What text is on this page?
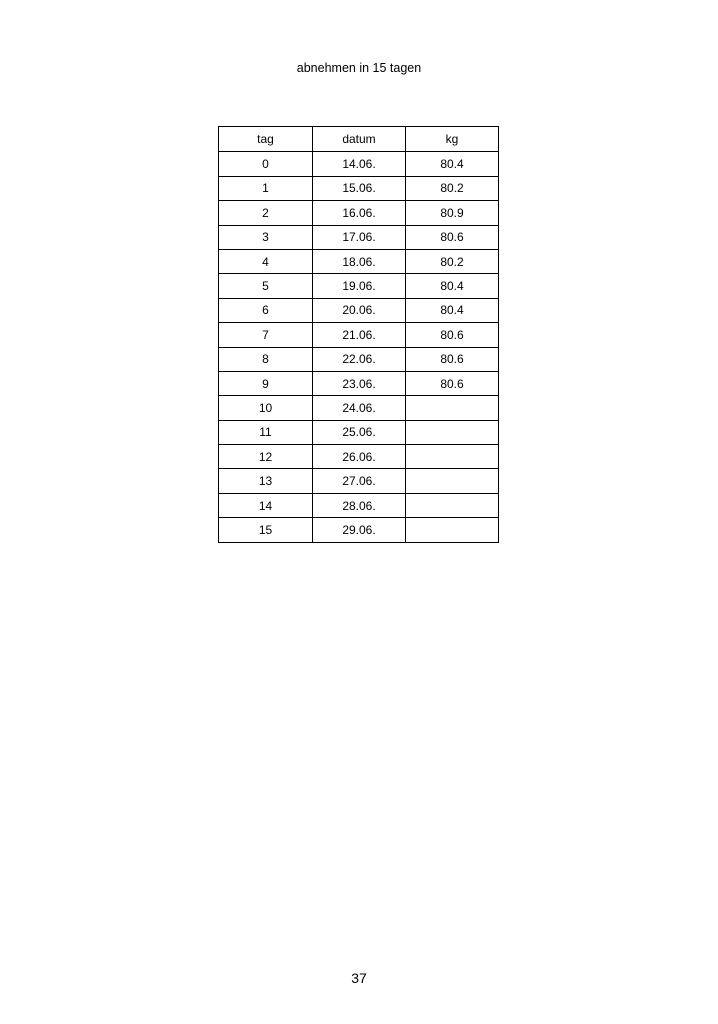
abnehmen in 15 tagen
tag	datum	kg
0	14.06.	80.4
1	15.06.	80.2
2	16.06.	80.9
3	17.06.	80.6
4	18.06.	80.2
5	19.06.	80.4
6	20.06.	80.4
7	21.06.	80.6
8	22.06.	80.6
9	23.06.	80.6
10	24.06.	
11	25.06.	
12	26.06.	
13	27.06.	
14	28.06.	
15	29.06.	
37
